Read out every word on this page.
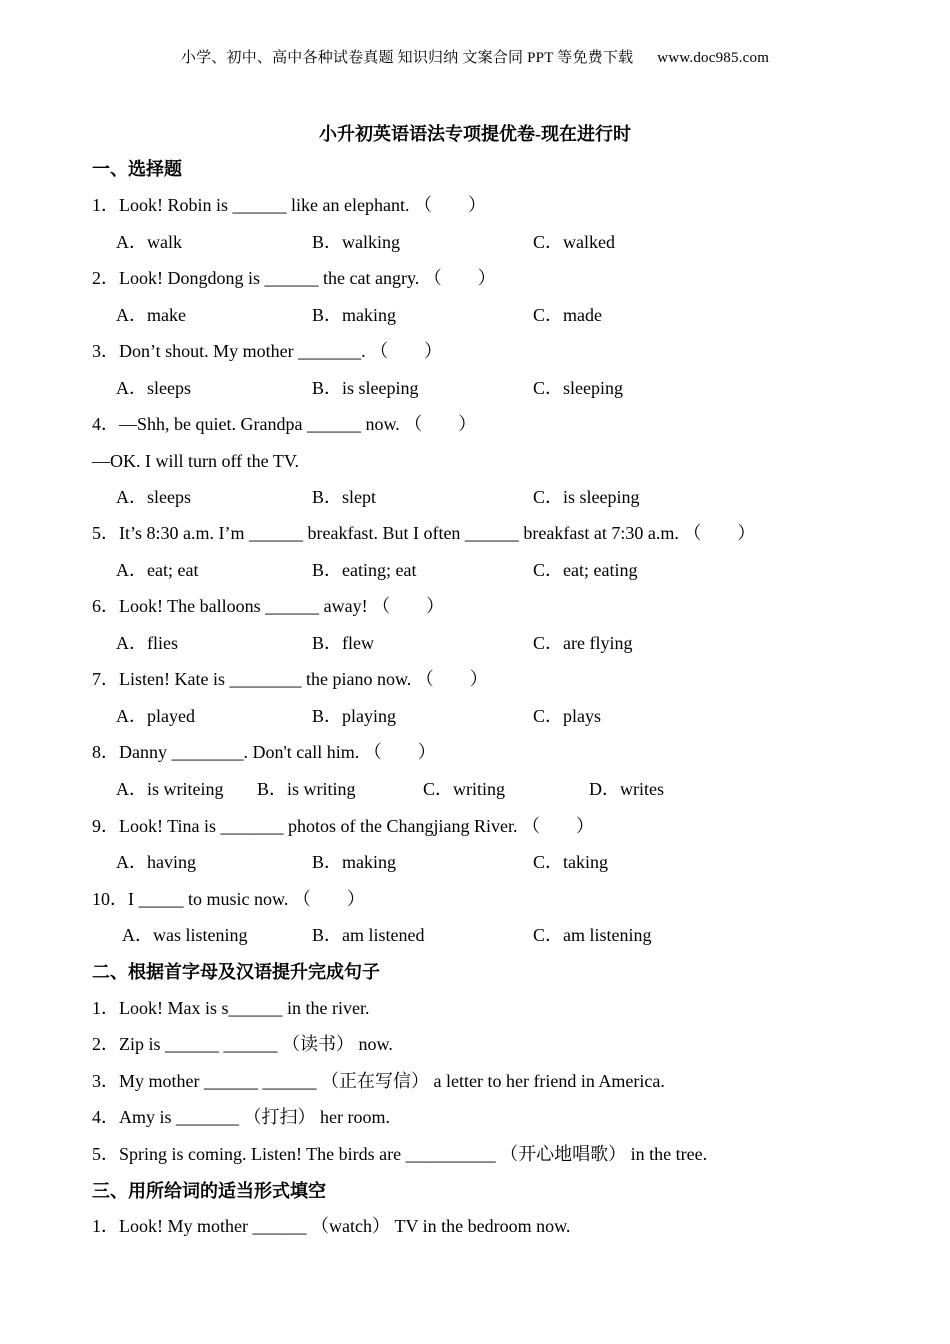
小学、初中、高中各种试卷真题 知识归纳 文案合同 PPT 等免费下载 www.doc985.com
小升初英语语法专项提优卷-现在进行时
一、选择题
1．Look! Robin is ______ like an elephant. （　　）
A．walk	B．walking	C．walked
2．Look! Dongdong is ______ the cat angry. （　　）
A．make	B．making	C．made
3．Don’t shout. My mother _______. （　　）
A．sleeps	B．is sleeping	C．sleeping
4．—Shh, be quiet. Grandpa ______ now. （　　）
—OK. I will turn off the TV.
A．sleeps	B．slept	C．is sleeping
5．It’s 8:30 a.m. I’m ______ breakfast. But I often ______ breakfast at 7:30 a.m. （　　）
A．eat; eat	B．eating; eat	C．eat; eating
6．Look! The balloons ______ away! （　　）
A．flies	B．flew	C．are flying
7．Listen! Kate is ________ the piano now. （　　）
A．played	B．playing	C．plays
8．Danny ________. Don't call him. （　　）
A．is writeing B．is writing	C．writing	D．writes
9．Look! Tina is _______ photos of the Changjiang River. （　　）
A．having	B．making	C．taking
10．I _____ to music now. （　　）
A．was listening	B．am listened	C．am listening
二、根据首字母及汉语提升完成句子
1．Look! Max is s______ in the river.
2．Zip is ______ ______ （读书） now.
3．My mother ______ ______ （正在写信） a letter to her friend in America.
4．Amy is _______ （打扫） her room.
5．Spring is coming. Listen! The birds are __________ （开心地唱歌） in the tree.
三、用所给词的适当形式填空
1．Look! My mother ______ （watch） TV in the bedroom now.
